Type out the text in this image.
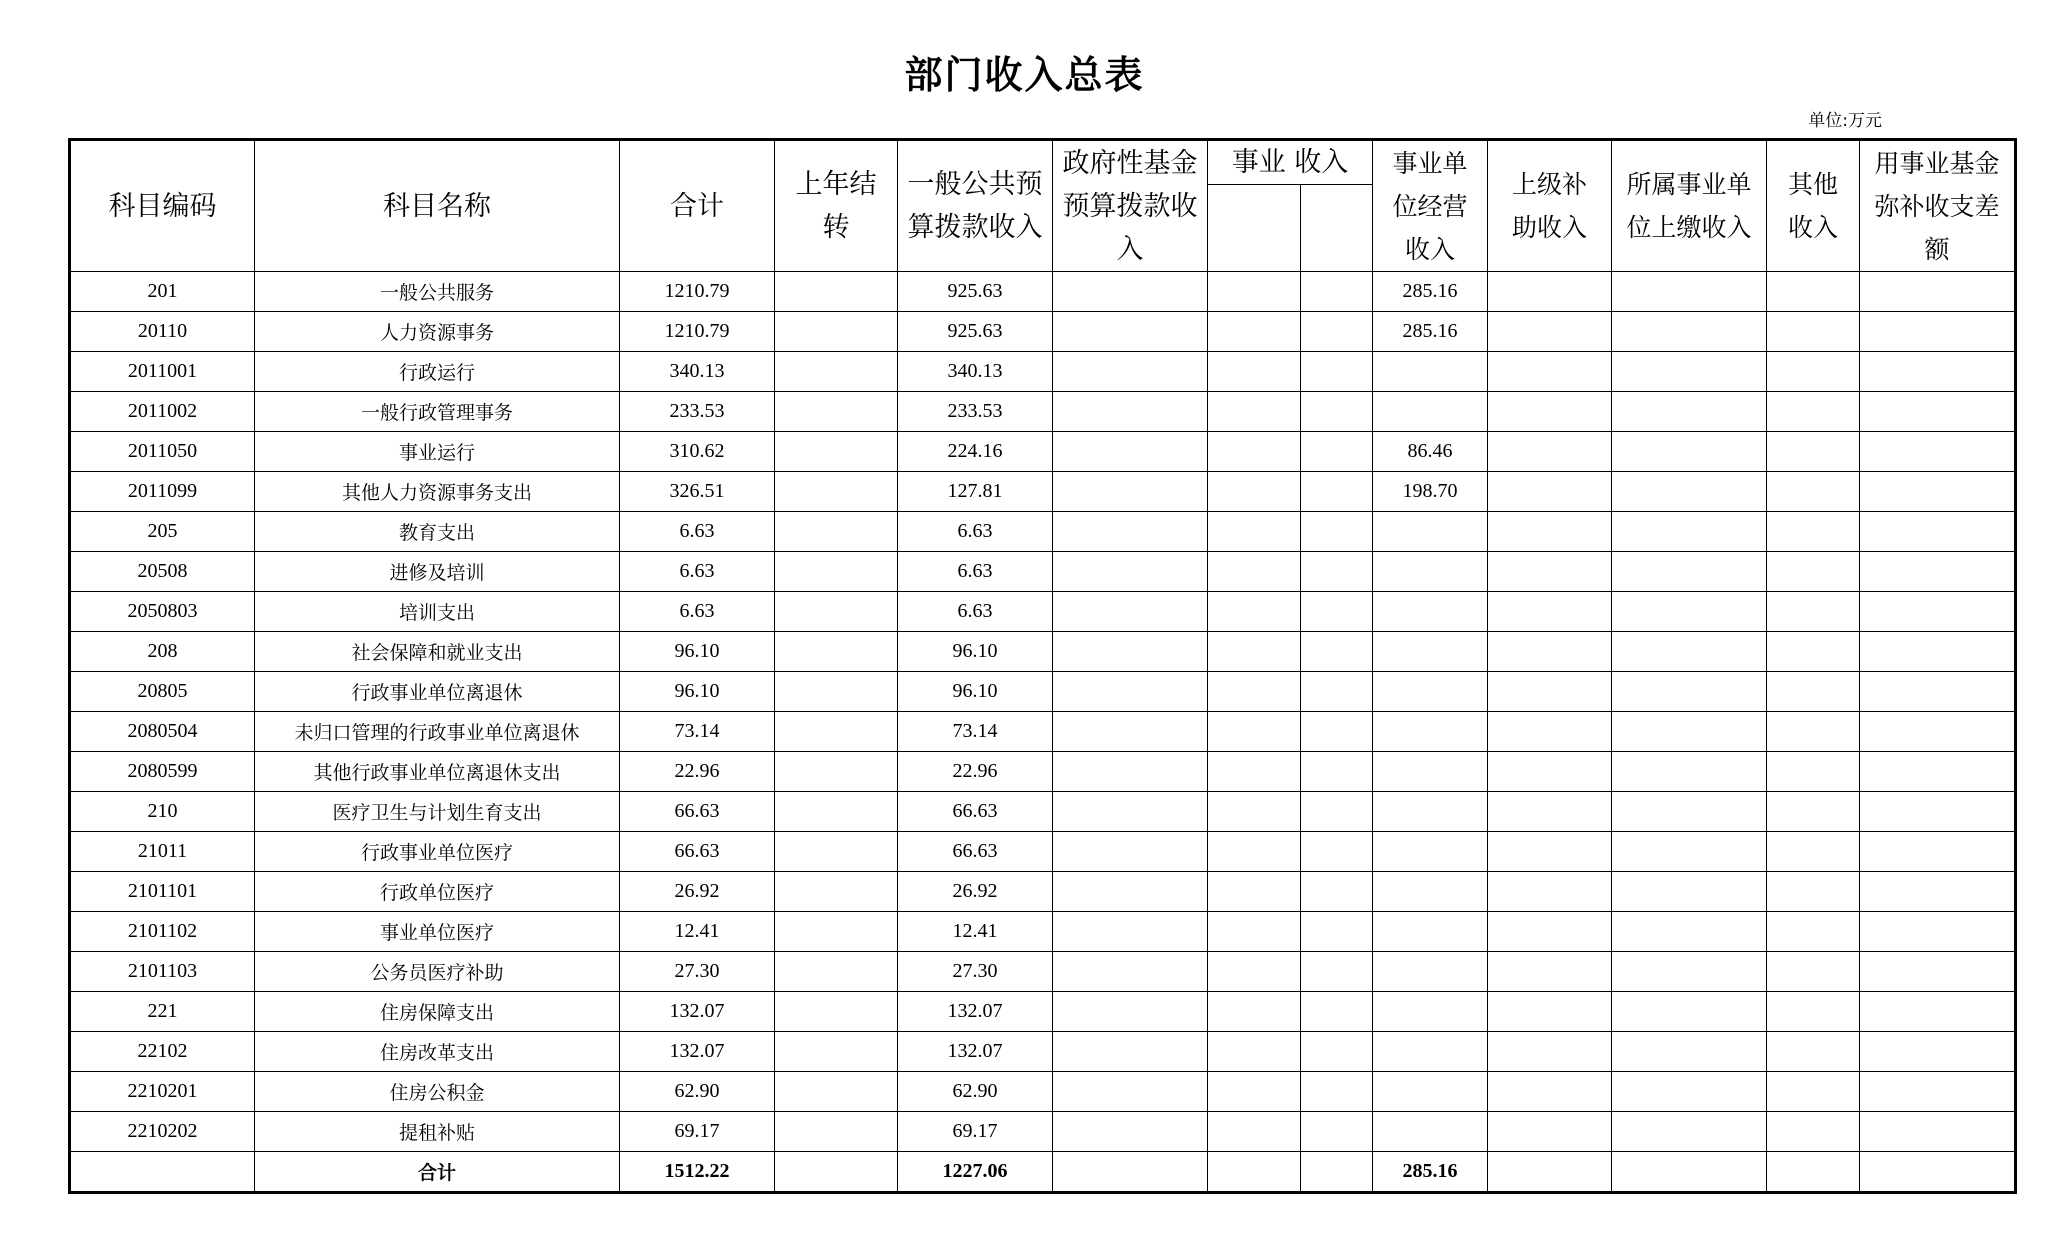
部门收入总表
单位:万元
科目编码	科目名称	合计	上年结转	一般公共预算拨款收入	政府性基金预算拨款收入	事业 收入		事业单位经营收入	上级补助收入	所属事业单位上缴收入	其他收入	用事业基金弥补收支差额

201	一般公共服务	1210.79		925.63				285.16				
20110	人力资源事务	1210.79		925.63				285.16				
2011001	行政运行	340.13		340.13								
2011002	一般行政管理事务	233.53		233.53								
2011050	事业运行	310.62		224.16				86.46				
2011099	其他人力资源事务支出	326.51		127.81				198.70				
205	教育支出	6.63		6.63								
20508	进修及培训	6.63		6.63								
2050803	培训支出	6.63		6.63								
208	社会保障和就业支出	96.10		96.10								
20805	行政事业单位离退休	96.10		96.10								
2080504	未归口管理的行政事业单位离退休	73.14		73.14								
2080599	其他行政事业单位离退休支出	22.96		22.96								
210	医疗卫生与计划生育支出	66.63		66.63								
21011	行政事业单位医疗	66.63		66.63								
2101101	行政单位医疗	26.92		26.92								
2101102	事业单位医疗	12.41		12.41								
2101103	公务员医疗补助	27.30		27.30								
221	住房保障支出	132.07		132.07								
22102	住房改革支出	132.07		132.07								
2210201	住房公积金	62.90		62.90								
2210202	提租补贴	69.17		69.17								
	合计	1512.22		1227.06				285.16				
